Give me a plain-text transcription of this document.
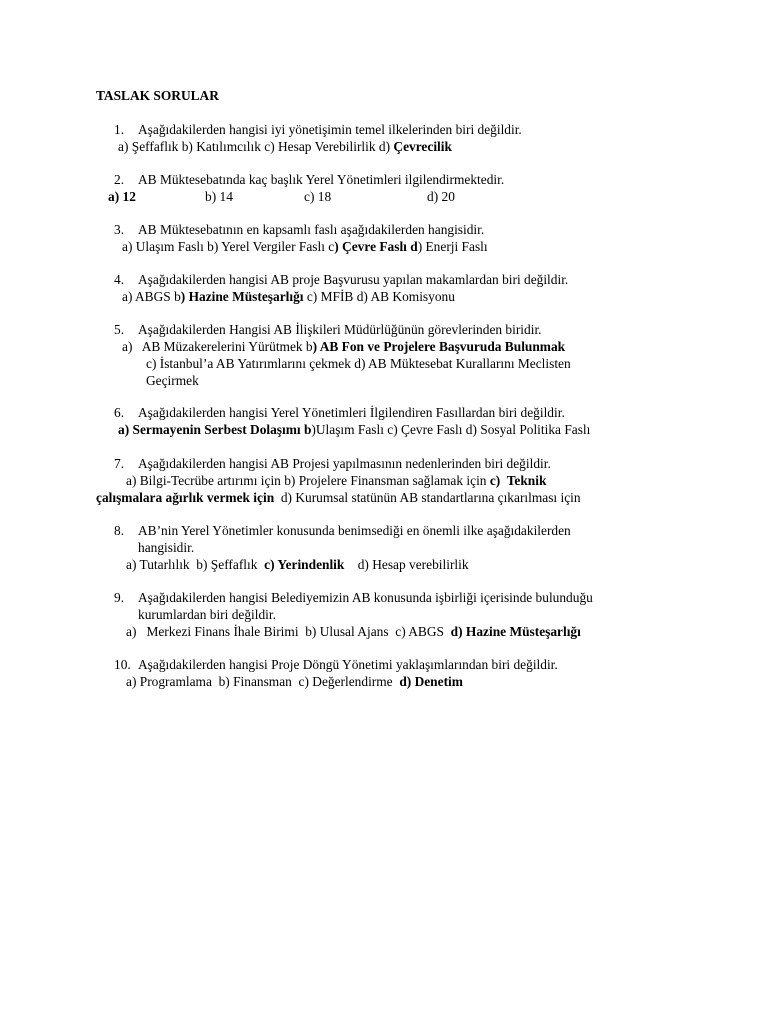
TASLAK SORULAR
1. Aşağıdakilerden hangisi iyi yönetişimin temel ilkelerinden biri değildir.
a) Şeffaflık b) Katılımcılık c) Hesap Verebilirlik d) Çevrecilik
2. AB Müktesebatında kaç başlık Yerel Yönetimleri ilgilendirmektedir.
a) 12	b) 14	c) 18	d) 20
3. AB Müktesebatının en kapsamlı faslı aşağıdakilerden hangisidir.
a) Ulaşım Faslı b) Yerel Vergiler Faslı c) Çevre Faslı d) Enerji Faslı
4. Aşağıdakilerden hangisi AB proje Başvurusu yapılan makamlardan biri değildir.
a) ABGS b) Hazine Müsteşarlığı c) MFİB d) AB Komisyonu
5. Aşağıdakilerden Hangisi AB İlişkileri Müdürlüğünün görevlerinden biridir.
a)   AB Müzakerelerini Yürütmek b) AB Fon ve Projelere Başvuruda Bulunmak
c) İstanbul’a AB Yatırımlarını çekmek d) AB Müktesebat Kurallarını Meclisten
Geçirmek
6. Aşağıdakilerden hangisi Yerel Yönetimleri İlgilendiren Fasıllardan biri değildir.
a) Sermayenin Serbest Dolaşımı b)Ulaşım Faslı c) Çevre Faslı d) Sosyal Politika Faslı
7. Aşağıdakilerden hangisi AB Projesi yapılmasının nedenlerinden biri değildir.
a) Bilgi-Tecrübe artırımı için b) Projelere Finansman sağlamak için c)  Teknik
çalışmalara ağırlık vermek için  d) Kurumsal statünün AB standartlarına çıkarılması için
8. AB’nin Yerel Yönetimler konusunda benimsediği en önemli ilke aşağıdakilerden
hangisidir.
a) Tutarlılık  b) Şeffaflık  c) Yerindenlik    d) Hesap verebilirlik
9. Aşağıdakilerden hangisi Belediyemizin AB konusunda işbirliği içerisinde bulunduğu
kurumlardan biri değildir.
a)   Merkezi Finans İhale Birimi  b) Ulusal Ajans  c) ABGS  d) Hazine Müsteşarlığı
10. Aşağıdakilerden hangisi Proje Döngü Yönetimi yaklaşımlarından biri değildir.
a) Programlama  b) Finansman  c) Değerlendirme  d) Denetim
